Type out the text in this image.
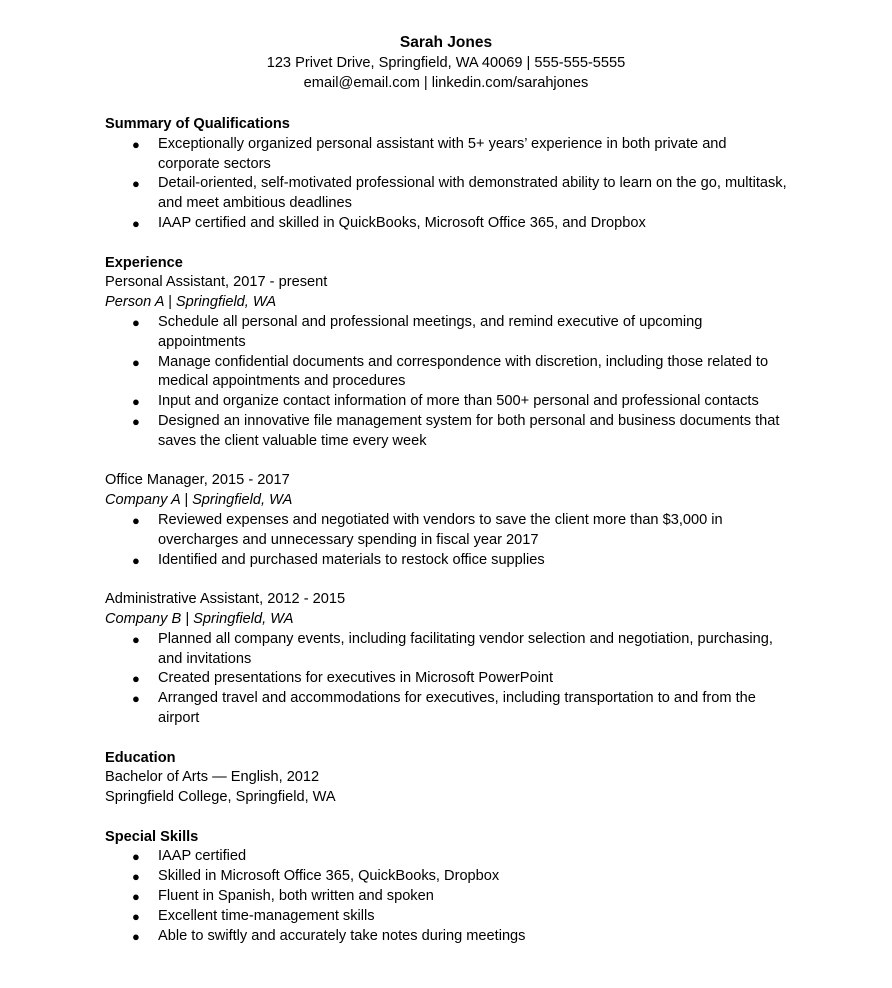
Sarah Jones
123 Privet Drive, Springfield, WA 40069 | 555-555-5555
email@email.com | linkedin.com/sarahjones
Summary of Qualifications
● Exceptionally organized personal assistant with 5+ years’ experience in both private and
corporate sectors
● Detail-oriented, self-motivated professional with demonstrated ability to learn on the go, multitask,
and meet ambitious deadlines
● IAAP certified and skilled in QuickBooks, Microsoft Office 365, and Dropbox
Experience
Personal Assistant, 2017 - present
Person A | Springfield, WA
● Schedule all personal and professional meetings, and remind executive of upcoming
appointments
● Manage confidential documents and correspondence with discretion, including those related to
medical appointments and procedures
● Input and organize contact information of more than 500+ personal and professional contacts
● Designed an innovative file management system for both personal and business documents that
saves the client valuable time every week
Office Manager, 2015 - 2017
Company A | Springfield, WA
● Reviewed expenses and negotiated with vendors to save the client more than $3,000 in
overcharges and unnecessary spending in fiscal year 2017
● Identified and purchased materials to restock office supplies
Administrative Assistant, 2012 - 2015
Company B | Springfield, WA
● Planned all company events, including facilitating vendor selection and negotiation, purchasing,
and invitations
● Created presentations for executives in Microsoft PowerPoint
● Arranged travel and accommodations for executives, including transportation to and from the
airport
Education
Bachelor of Arts — English, 2012
Springfield College, Springfield, WA
Special Skills
● IAAP certified
● Skilled in Microsoft Office 365, QuickBooks, Dropbox
● Fluent in Spanish, both written and spoken
● Excellent time-management skills
● Able to swiftly and accurately take notes during meetings
